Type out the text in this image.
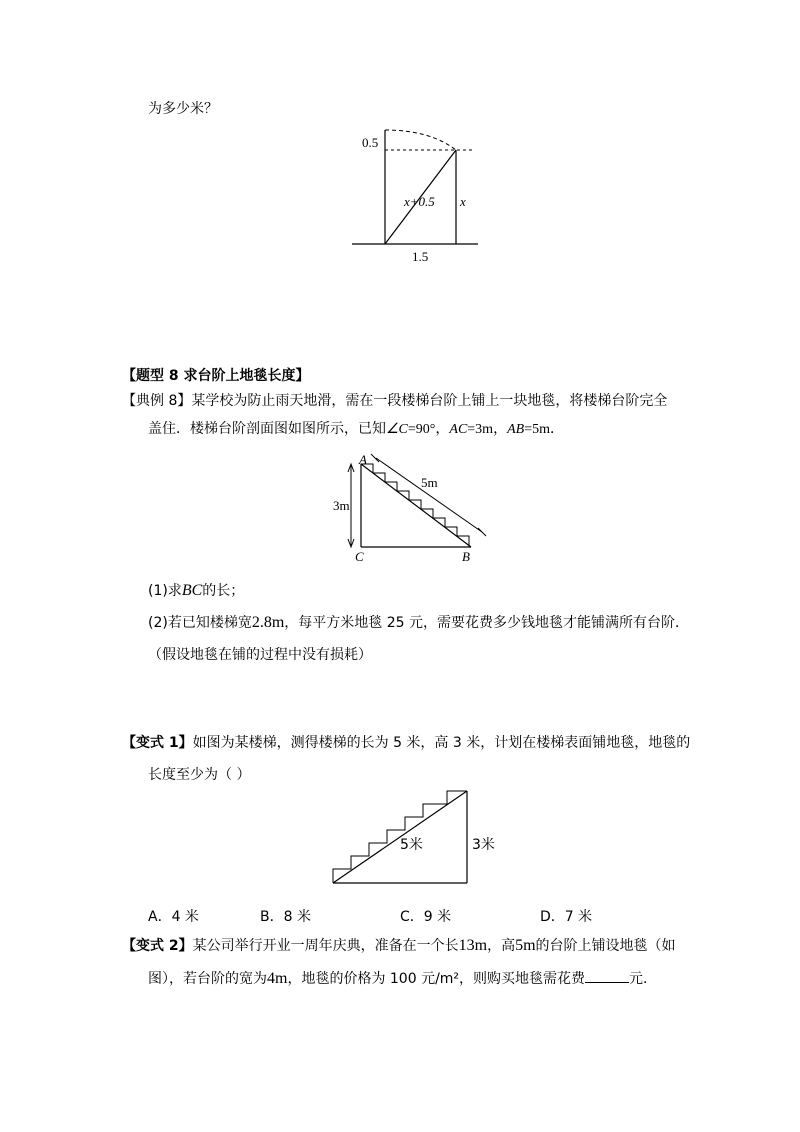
为多少米？
0.5
x+0.5 x
1.5
【题型 8 求台阶上地毯长度】
【典例 8】某学校为防止雨天地滑，需在一段楼梯台阶上铺上一块地毯，将楼梯台阶完全
盖住．楼梯台阶剖面图如图所示，已知∠C=90°，AC=3m，AB=5m．
A
C	B
5m
3m
(1)求BC的长；
(2)若已知楼梯宽2.8m，每平方米地毯 25 元，需要花费多少钱地毯才能铺满所有台阶．
（假设地毯在铺的过程中没有损耗）
【变式 1】如图为某楼梯，测得楼梯的长为 5 米，高 3 米，计划在楼梯表面铺地毯，地毯的
长度至少为（ ）
5米	3米
A．4 米	B．8 米	C．9 米	D．7 米
【变式 2】某公司举行开业一周年庆典，准备在一个长13m，高5m的台阶上铺设地毯（如
图），若台阶的宽为4m，地毯的价格为 100 元/m²，则购买地毯需花费	元．
